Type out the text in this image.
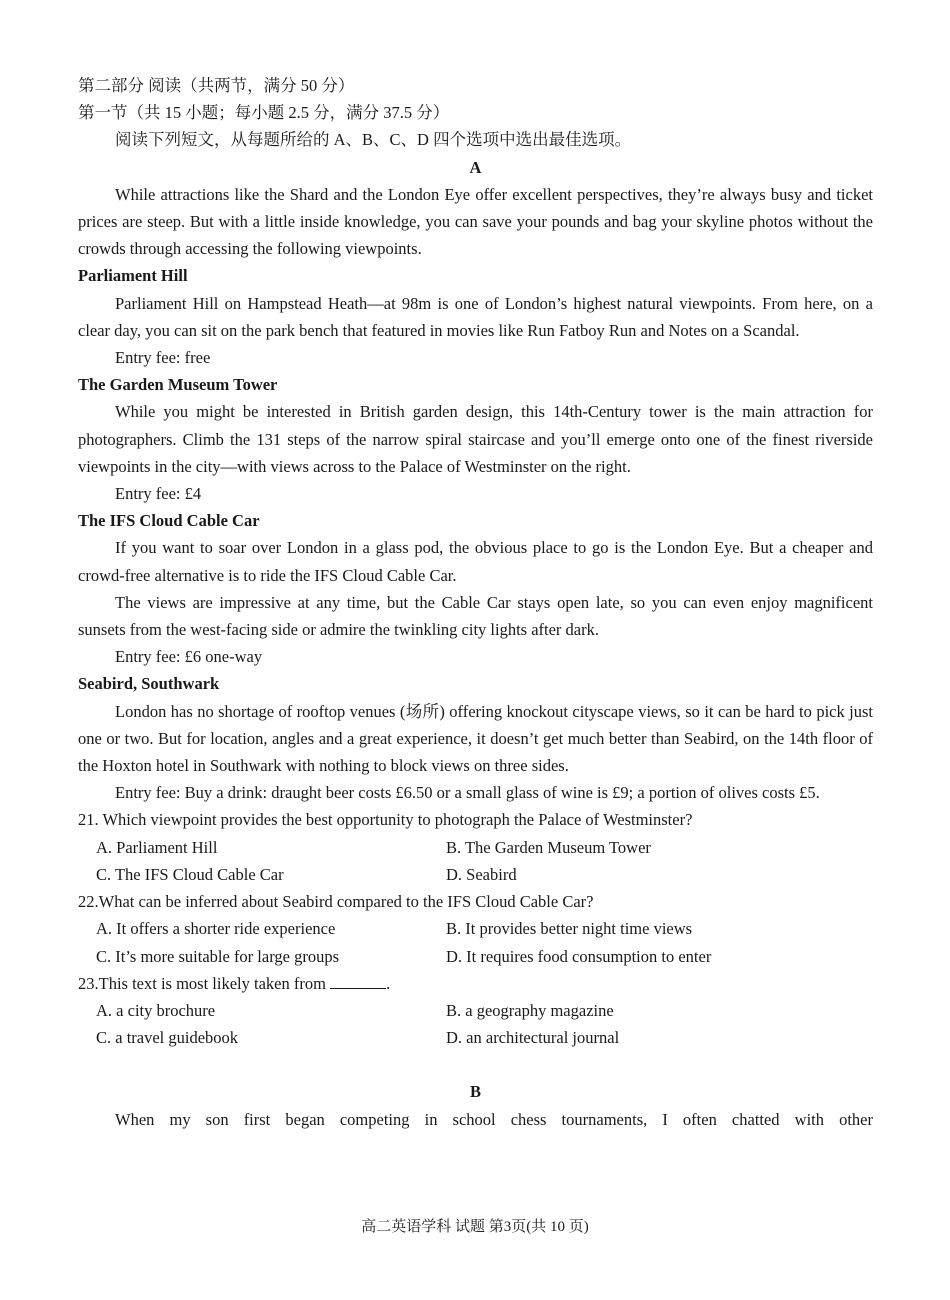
第二部分 阅读（共两节，满分 50 分）

第一节（共 15 小题；每小题 2.5 分，满分 37.5 分）

阅读下列短文，从每题所给的 A、B、C、D 四个选项中选出最佳选项。

A

While attractions like the Shard and the London Eye offer excellent perspectives, they’re always busy and ticket prices are steep. But with a little inside knowledge, you can save your pounds and bag your skyline photos without the crowds through accessing the following viewpoints.

Parliament Hill

Parliament Hill on Hampstead Heath—at 98m is one of London’s highest natural viewpoints. From here, on a clear day, you can sit on the park bench that featured in movies like Run Fatboy Run and Notes on a Scandal.

Entry fee: free

The Garden Museum Tower

While you might be interested in British garden design, this 14th-Century tower is the main attraction for photographers. Climb the 131 steps of the narrow spiral staircase and you’ll emerge onto one of the finest riverside viewpoints in the city—with views across to the Palace of Westminster on the right.

Entry fee: £4

The IFS Cloud Cable Car

If you want to soar over London in a glass pod, the obvious place to go is the London Eye. But a cheaper and crowd-free alternative is to ride the IFS Cloud Cable Car.

The views are impressive at any time, but the Cable Car stays open late, so you can even enjoy magnificent sunsets from the west-facing side or admire the twinkling city lights after dark.

Entry fee: £6 one-way

Seabird, Southwark

London has no shortage of rooftop venues (场所) offering knockout cityscape views, so it can be hard to pick just one or two. But for location, angles and a great experience, it doesn’t get much better than Seabird, on the 14th floor of the Hoxton hotel in Southwark with nothing to block views on three sides.

Entry fee: Buy a drink: draught beer costs £6.50 or a small glass of wine is £9; a portion of olives costs £5.

21. Which viewpoint provides the best opportunity to photograph the Palace of Westminster?

A. Parliament Hill	B. The Garden Museum Tower
C. The IFS Cloud Cable Car	D. Seabird

22.What can be inferred about Seabird compared to the IFS Cloud Cable Car?

A. It offers a shorter ride experience	B. It provides better night time views
C. It’s more suitable for large groups	D. It requires food consumption to enter

23.This text is most likely taken from	.

A. a city brochure	B. a geography magazine
C. a travel guidebook	D. an architectural journal

B

When my son first began competing in school chess tournaments, I often chatted with other

高二英语学科 试题 第3页(共 10 页)
